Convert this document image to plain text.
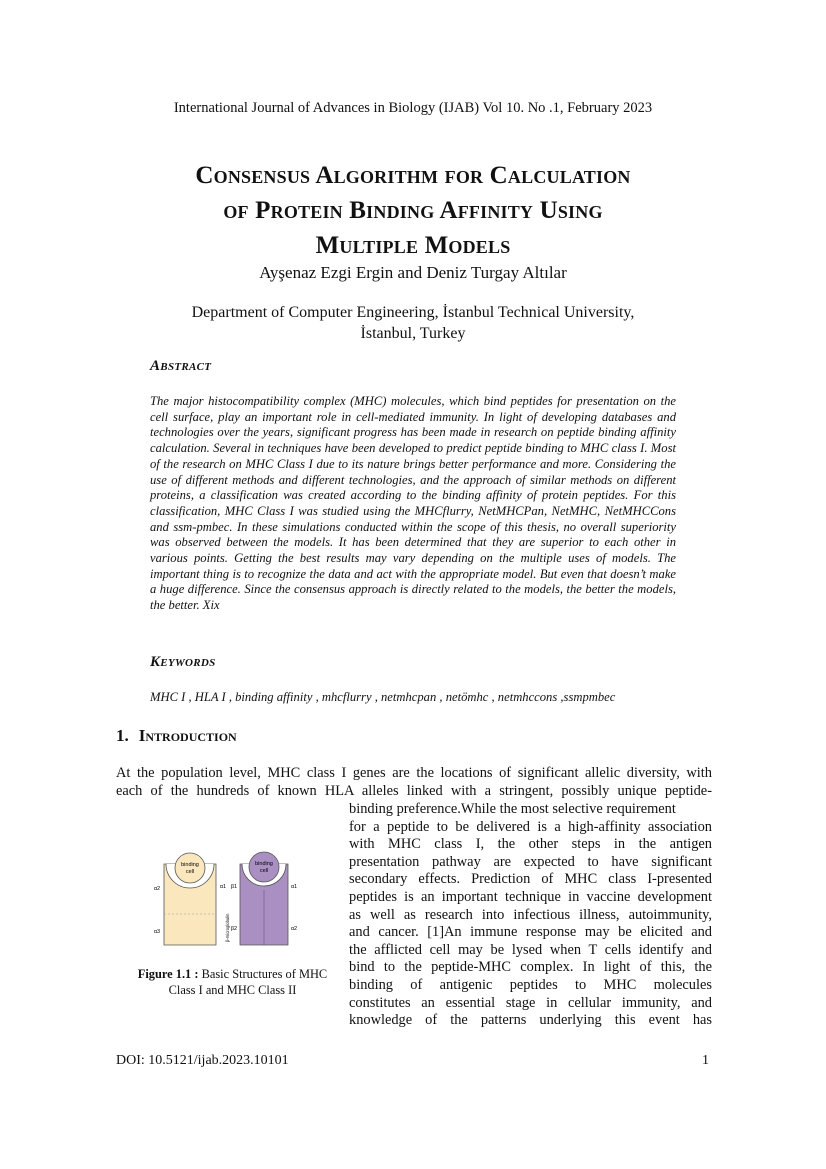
International Journal of Advances in Biology (IJAB) Vol 10. No .1, February 2023
Consensus Algorithm for Calculation
of Protein Binding Affinity Using
Multiple Models
Ayşenaz Ezgi Ergin and Deniz Turgay Altılar
Department of Computer Engineering, İstanbul Technical University,
İstanbul, Turkey
Abstract
The major histocompatibility complex (MHC) molecules, which bind peptides for presentation on the cell surface, play an important role in cell-mediated immunity. In light of developing databases and technologies over the years, significant progress has been made in research on peptide binding affinity calculation. Several in techniques have been developed to predict peptide binding to MHC class I. Most of the research on MHC Class I due to its nature brings better performance and more. Considering the use of different methods and different technologies, and the approach of similar methods on different proteins, a classification was created according to the binding affinity of protein peptides. For this classification, MHC Class I was studied using the MHCflurry, NetMHCPan, NetMHC, NetMHCCons and ssm-pmbec. In these simulations conducted within the scope of this thesis, no overall superiority was observed between the models. It has been determined that they are superior to each other in various points. Getting the best results may vary depending on the multiple uses of models. The important thing is to recognize the data and act with the appropriate model. But even that doesn’t make a huge difference. Since the consensus approach is directly related to the models, the better the models, the better. Xix
Keywords
MHC I , HLA I , binding affinity , mhcflurry , netmhcpan , netömhc , netmhccons ,ssmpmbec
1. Introduction
At the population level, MHC class I genes are the locations of significant allelic diversity, with
each of the hundreds of known HLA alleles linked with a stringent, possibly unique peptide-
binding preference.While the most selective requirement
for a peptide to be delivered is a high-affinity association
with MHC class I, the other steps in the antigen
presentation pathway are expected to have significant
secondary effects. Prediction of MHC class I-presented
peptides is an important technique in vaccine development
as well as research into infectious illness, autoimmunity,
and cancer. [1]An immune response may be elicited and
the afflicted cell may be lysed when T cells identify and
bind to the peptide-MHC complex. In light of this, the
binding of antigenic peptides to MHC molecules
constitutes an essential stage in cellular immunity, and
knowledge of the patterns underlying this event has
binding
cell
α2	α1
α3	β-microglobulin
binding
cell
β1	α1
β2	α2
Figure 1.1 : Basic Structures of MHC Class I and MHC Class II
DOI: 10.5121/ijab.2023.10101	1
